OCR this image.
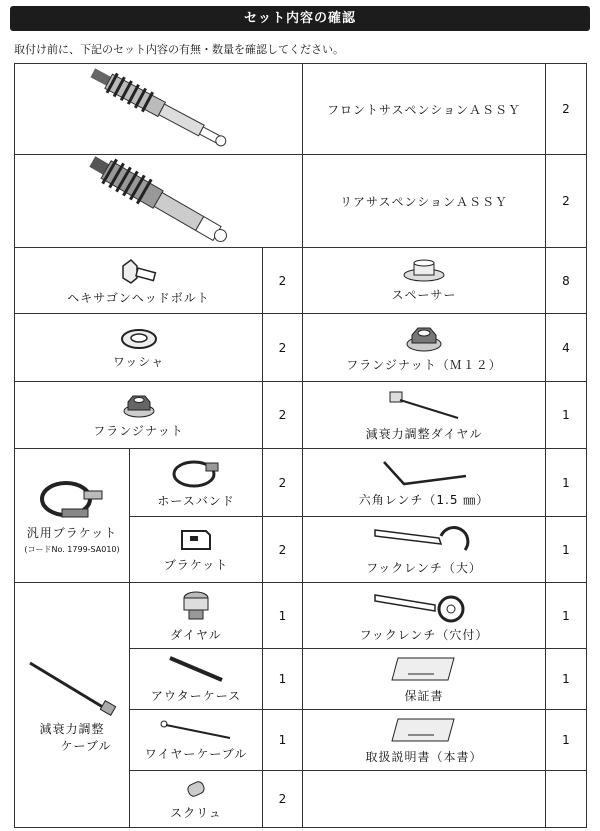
セット内容の確認
取付け前に、下記のセット内容の有無・数量を確認してください。

フロントサスペンションＡＳＳＹ	2

リアサスペンションＡＳＳＹ	2

ヘキサゴンヘッドボルト		2	スペーサー	8

ワッシャ		2	フランジナット（Ｍ１２）	4

フランジナット		2	減衰力調整ダイヤル	1

汎用ブラケット
(コードNo. 1799-SA010)	ホースバンド	2	六角レンチ（1.5 ㎜）	1

	ブラケット	2	フックレンチ（大）	1

減衰力調整
ケーブル	ダイヤル	1	フックレンチ（穴付）	1

	アウターケース	1	保証書	1

	ワイヤーケーブル	1	取扱説明書（本書）	1

	スクリュ	2		
